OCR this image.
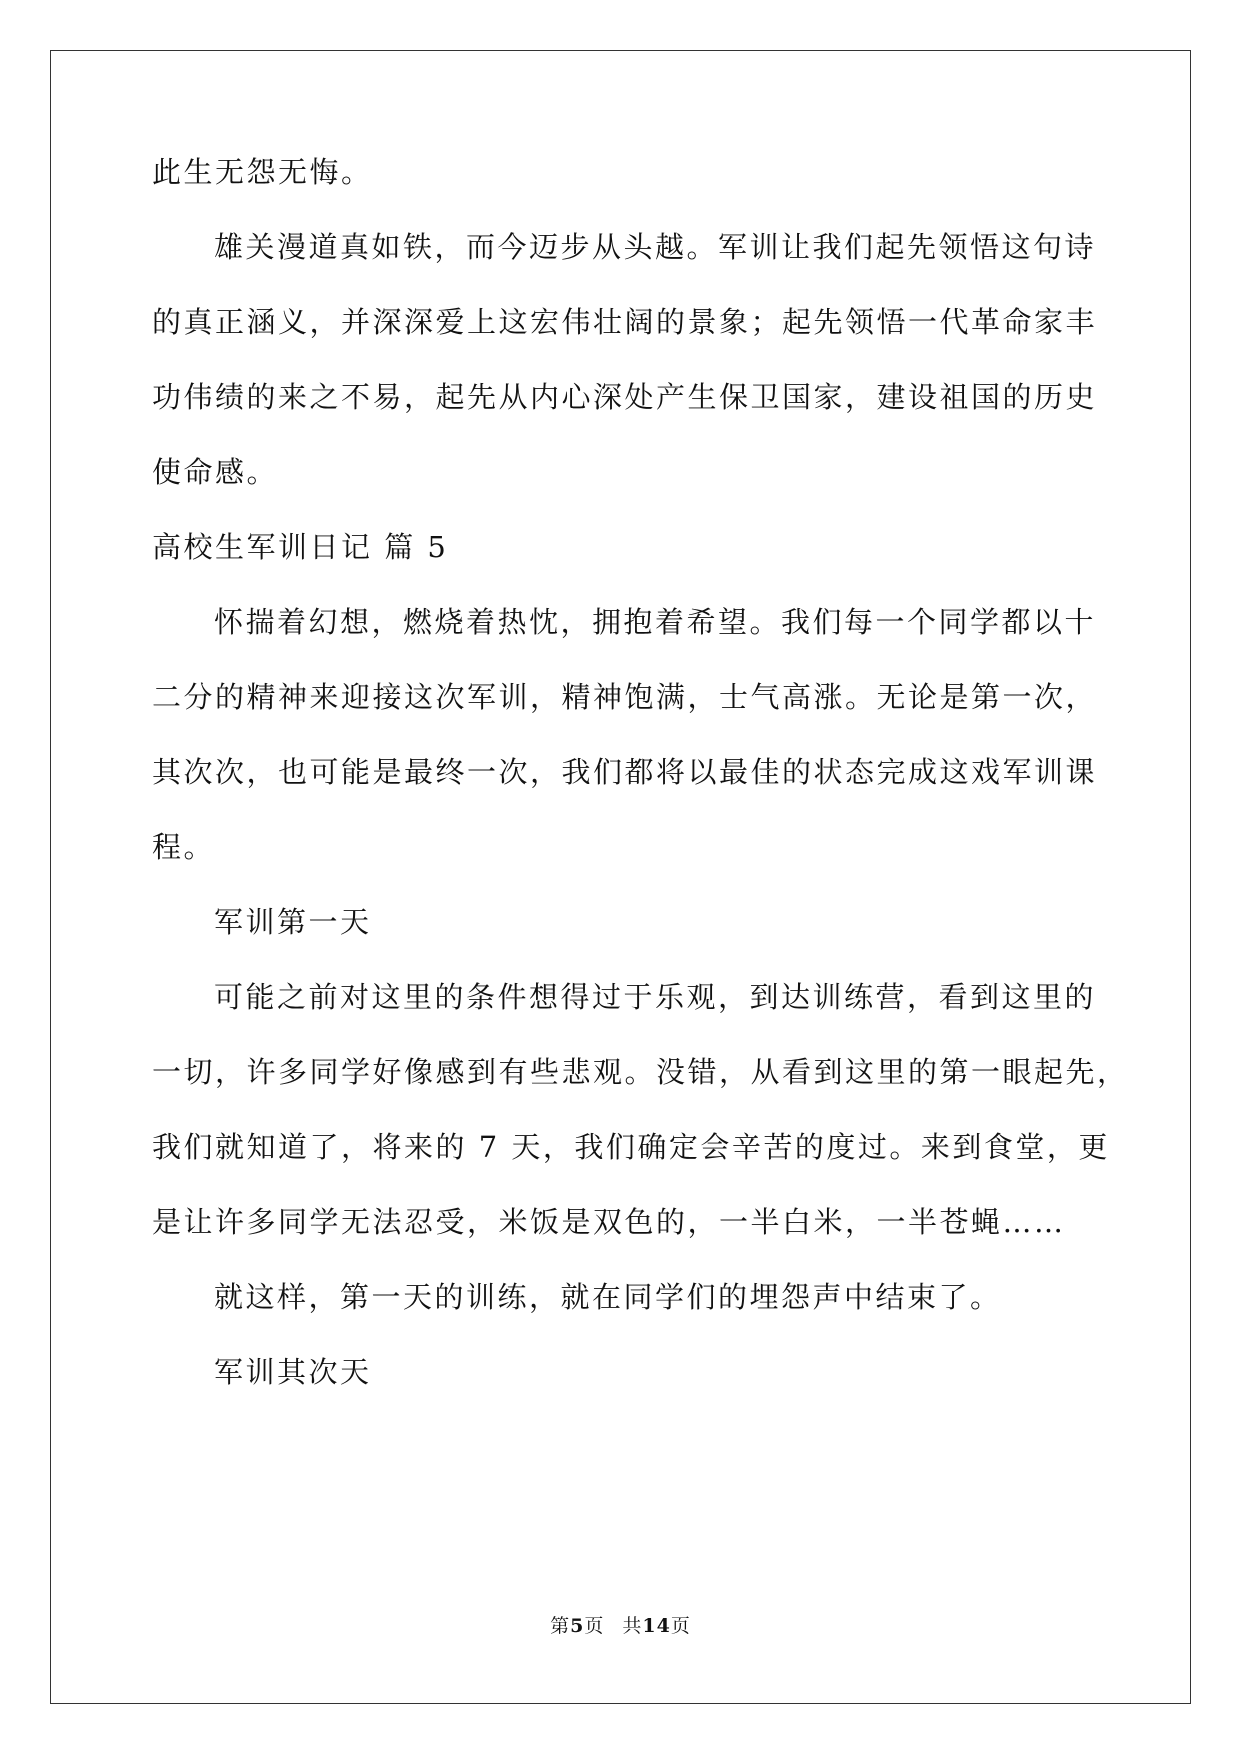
此生无怨无悔。
雄关漫道真如铁，而今迈步从头越。军训让我们起先领悟这句诗
的真正涵义，并深深爱上这宏伟壮阔的景象；起先领悟一代革命家丰
功伟绩的来之不易，起先从内心深处产生保卫国家，建设祖国的历史
使命感。
高校生军训日记 篇 5
怀揣着幻想，燃烧着热忱，拥抱着希望。我们每一个同学都以十
二分的精神来迎接这次军训，精神饱满，士气高涨。无论是第一次，
其次次，也可能是最终一次，我们都将以最佳的状态完成这戏军训课
程。
军训第一天
可能之前对这里的条件想得过于乐观，到达训练营，看到这里的
一切，许多同学好像感到有些悲观。没错，从看到这里的第一眼起先，
我们就知道了，将来的 7 天，我们确定会辛苦的度过。来到食堂，更
是让许多同学无法忍受，米饭是双色的，一半白米，一半苍蝇……
就这样，第一天的训练，就在同学们的埋怨声中结束了。
军训其次天
第5页 共14页
